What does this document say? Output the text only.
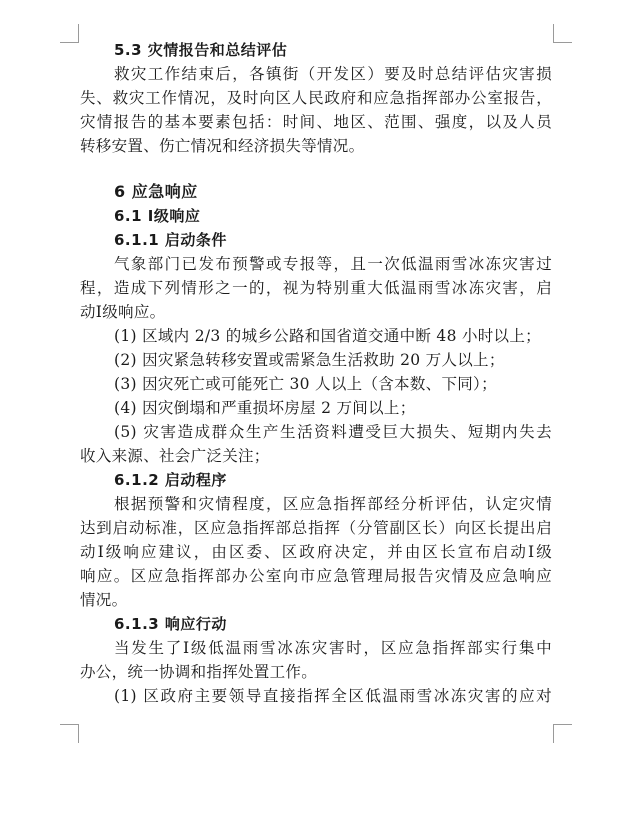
5.3 灾情报告和总结评估
救灾工作结束后，各镇街（开发区）要及时总结评估灾害损
失、救灾工作情况，及时向区人民政府和应急指挥部办公室报告，
灾情报告的基本要素包括：时间、地区、范围、强度，以及人员
转移安置、伤亡情况和经济损失等情况。
6 应急响应
6.1 Ⅰ级响应
6.1.1 启动条件
气象部门已发布预警或专报等，且一次低温雨雪冰冻灾害过
程，造成下列情形之一的，视为特别重大低温雨雪冰冻灾害，启
动Ⅰ级响应。
(1) 区域内 2/3 的城乡公路和国省道交通中断 48 小时以上；
(2) 因灾紧急转移安置或需紧急生活救助 20 万人以上；
(3) 因灾死亡或可能死亡 30 人以上（含本数、下同）；
(4) 因灾倒塌和严重损坏房屋 2 万间以上；
(5) 灾害造成群众生产生活资料遭受巨大损失、短期内失去
收入来源、社会广泛关注；
6.1.2 启动程序
根据预警和灾情程度，区应急指挥部经分析评估，认定灾情
达到启动标准，区应急指挥部总指挥（分管副区长）向区长提出启
动Ⅰ级响应建议，由区委、区政府决定，并由区长宣布启动Ⅰ级
响应。区应急指挥部办公室向市应急管理局报告灾情及应急响应
情况。
6.1.3 响应行动
当发生了Ⅰ级低温雨雪冰冻灾害时，区应急指挥部实行集中
办公，统一协调和指挥处置工作。
(1) 区政府主要领导直接指挥全区低温雨雪冰冻灾害的应对
